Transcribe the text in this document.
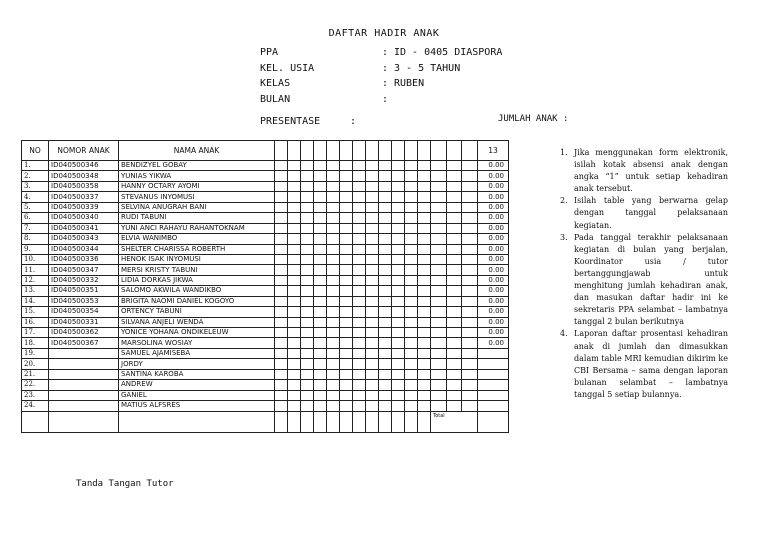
DAFTAR HADIR ANAK
PPA	: ID - 0405 DIASPORA
KEL. USIA	: 3 - 5 TAHUN
KELAS	: RUBEN
BULAN	:
PRESENTASE	:	JUMLAH ANAK :
NO	NOMOR ANAK	NAMA ANAK																13
1.	ID040500346	BENDIZYEL GOBAY																0.00
2.	ID040500348	YUNIAS YIKWA																0.00
3.	ID040500358	HANNY OCTARY AYOMI																0.00
4.	ID040500337	STEVANUS INYOMUSI																0.00
5.	ID040500339	SELVINA ANUGRAH BANI																0.00
6.	ID040500340	RUDI TABUNI																0.00
7.	ID040500341	YUNI ANCI RAHAYU RAHANTOKNAM																0.00
8.	ID040500343	ELVIA WANIMBO																0.00
9.	ID040500344	SHELTER CHARISSA ROBERTH																0.00
10.	ID040500336	HENOK ISAK INYOMUSI																0.00
11.	ID040500347	MERSI KRISTY TABUNI																0.00
12.	ID040500332	LIDIA DORKAS JIKWA																0.00
13.	ID040500351	SALOMO AKWILA WANDIKBO																0.00
14.	ID040500353	BRIGITA NAOMI DANIEL KOGOYO																0.00
15.	ID040500354	ORTENCY TABUNI																0.00
16.	ID040500331	SILVANA ANJELI WENDA																0.00
17.	ID040500362	YONICE YOHANA ONDIKELEUW																0.00
18.	ID040500367	MARSOLINA WOSIAY																0.00
19.		SAMUEL AJAMISEBA																
20.		JORDY																
21.		SANTINA KAROBA																
22.		ANDREW																
23.		GANIEL																
24.		MATIUS ALFSRES																
															Total			
1. Jika menggunakan form elektronik, isilah kotak absensi anak dengan angka “1” untuk setiap kehadiran anak tersebut.
2. Isilah table yang berwarna gelap dengan tanggal pelaksanaan kegiatan.
3. Pada tanggal terakhir pelaksanaan kegiatan di bulan yang berjalan, Koordinator usia / tutor bertanggungjawab untuk menghitung jumlah kehadiran anak, dan masukan daftar hadir ini ke sekretaris PPA selambat – lambatnya tanggal 2 bulan berikutnya
4. Laporan daftar prosentasi kehadiran anak di jumlah dan dimasukkan dalam table MRI kemudian dikirim ke CBI Bersama – sama dengan laporan bulanan selambat – lambatnya tanggal 5 setiap bulannya.
Tanda Tangan Tutor
